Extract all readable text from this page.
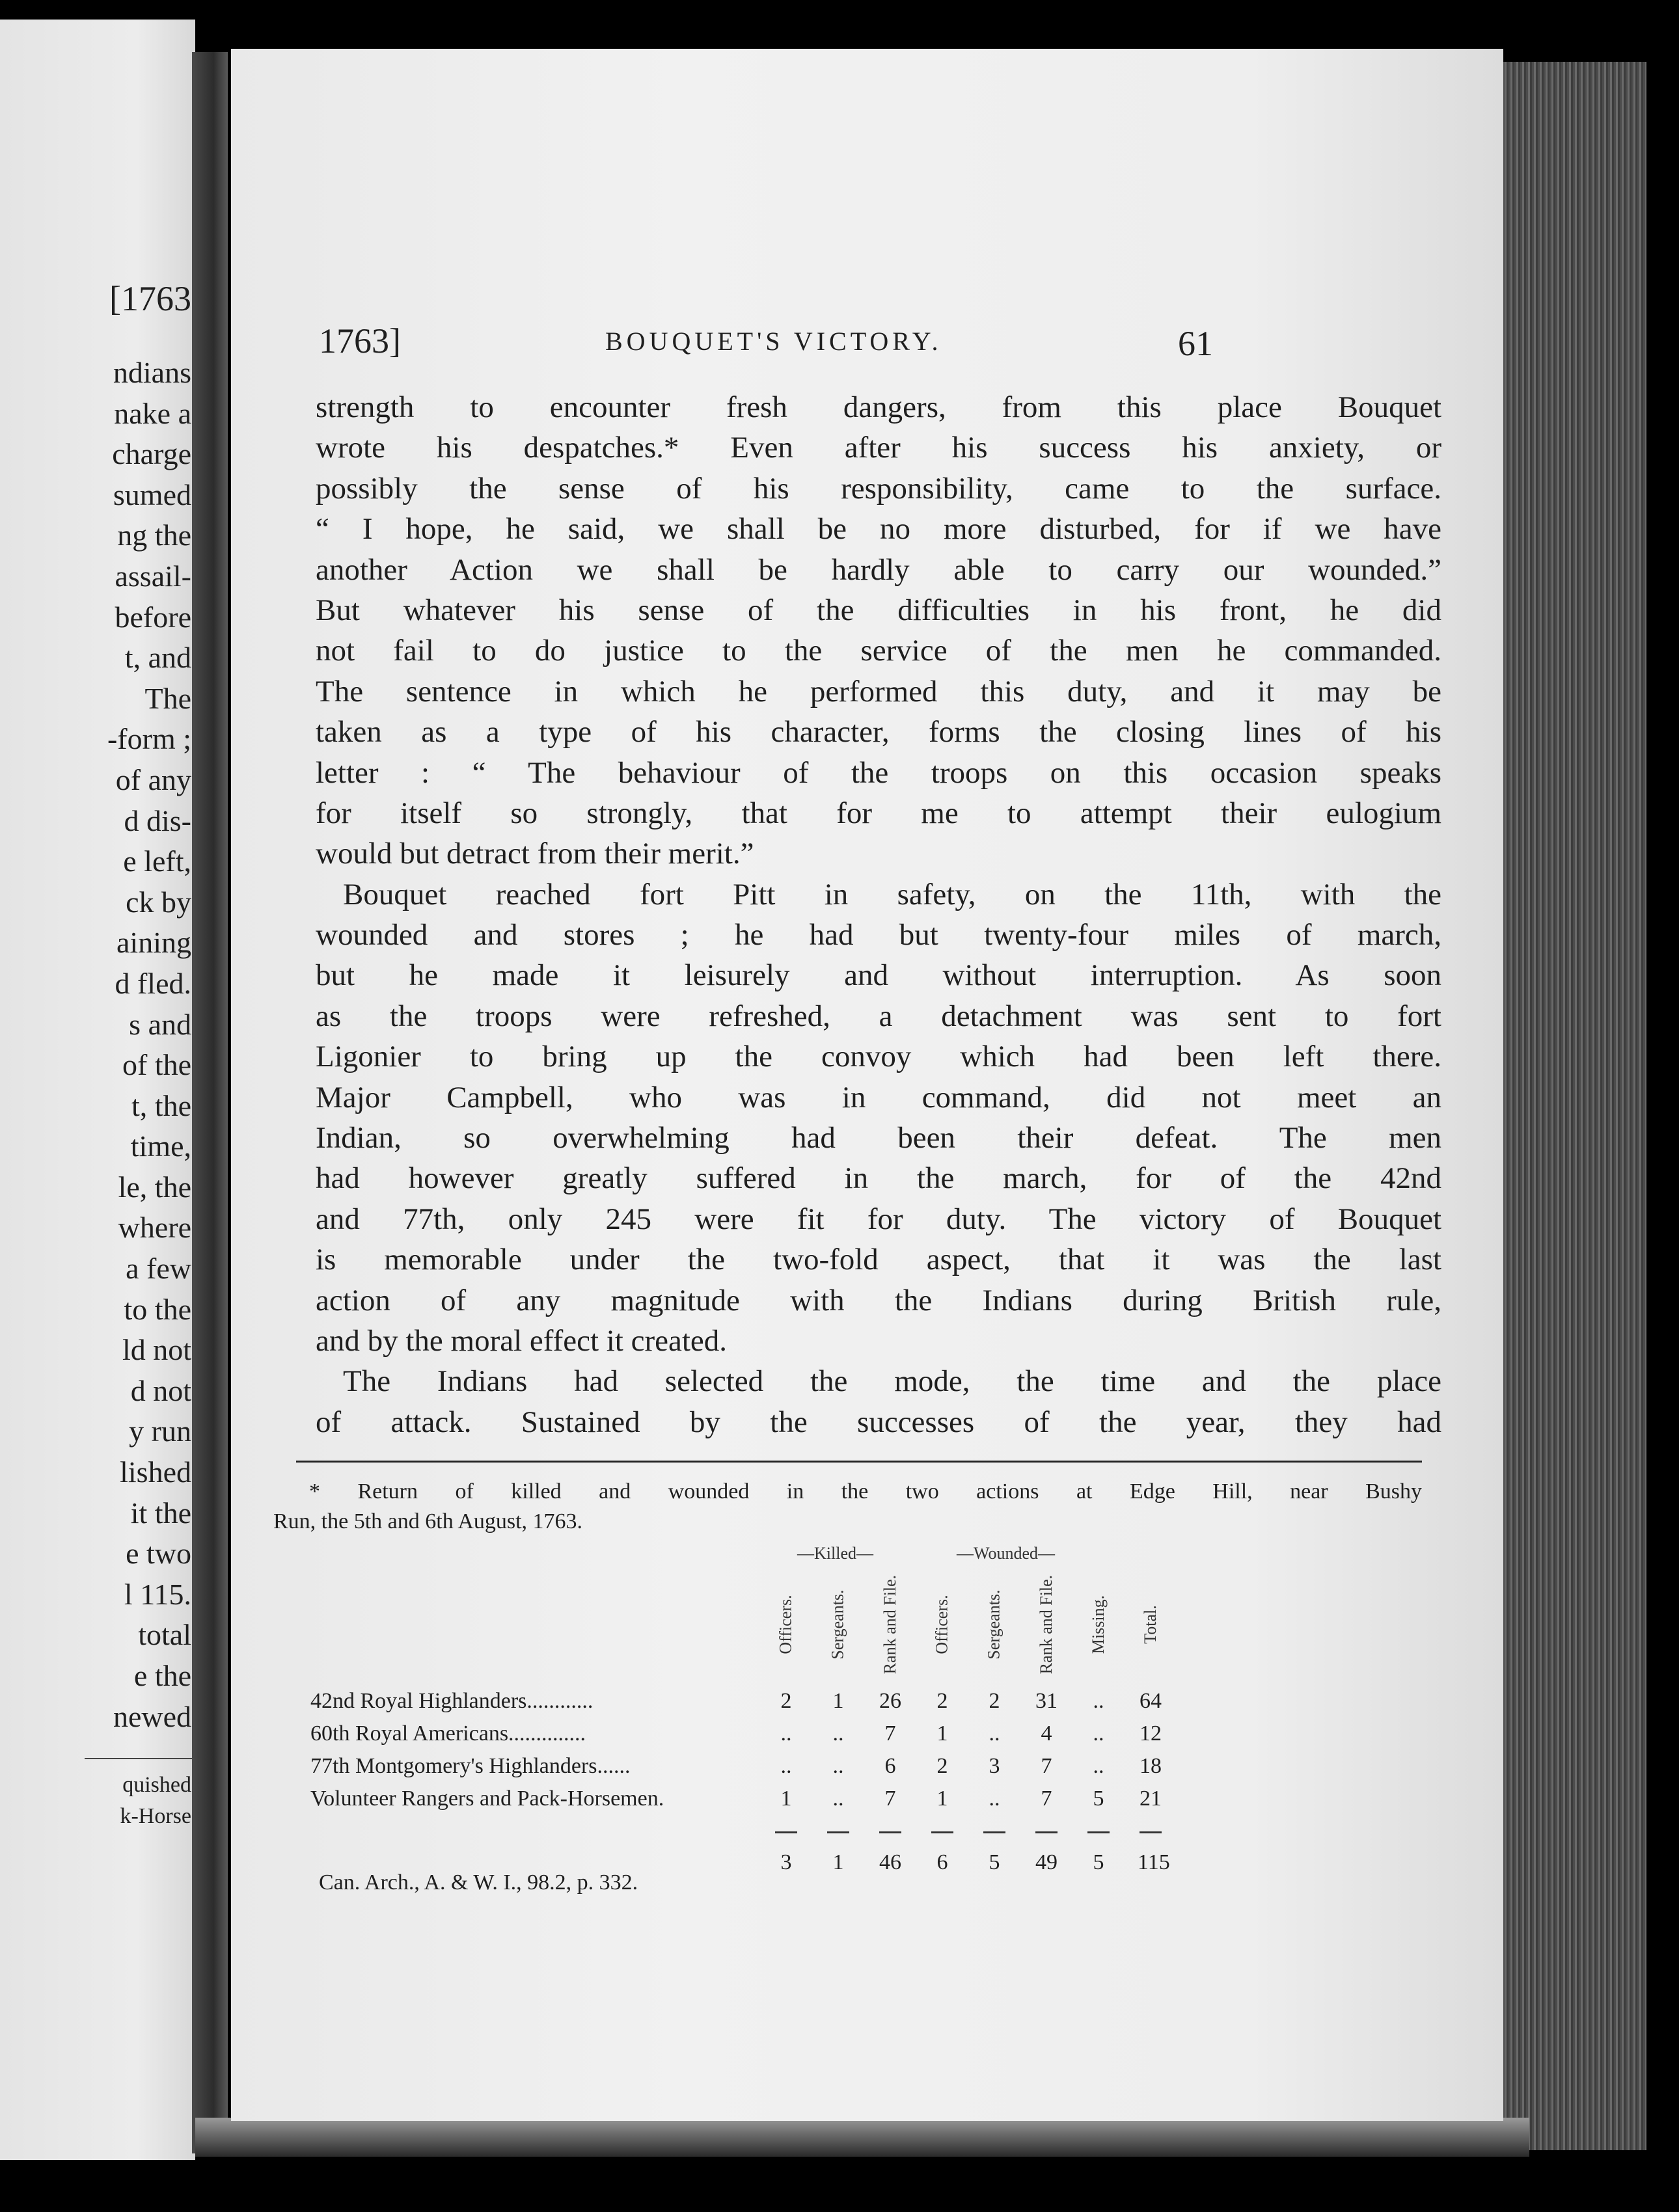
[1763
ndians
nake a
charge
sumed
ng the
assail-
before
t, and
The
-form ;
of any
d dis-
e left,
ck by
aining
d fled.
s and
of the
t, the
time,
le, the
where
a few
to the
ld not
d not
y run
lished
it the
e two
l 115.
total
e the
newed
quished
k-Horse
1763]	BOUQUET'S VICTORY.	61
strength to encounter fresh dangers, from this place Bouquet
wrote his despatches.* Even after his success his anxiety, or
possibly the sense of his responsibility, came to the surface.
“ I hope, he said, we shall be no more disturbed, for if we have
another Action we shall be hardly able to carry our wounded.”
But whatever his sense of the difficulties in his front, he did
not fail to do justice to the service of the men he commanded.
The sentence in which he performed this duty, and it may be
taken as a type of his character, forms the closing lines of his
letter : “ The behaviour of the troops on this occasion speaks
for itself so strongly, that for me to attempt their eulogium
would but detract from their merit.”
Bouquet reached fort Pitt in safety, on the 11th, with the
wounded and stores ; he had but twenty-four miles of march,
but he made it leisurely and without interruption. As soon
as the troops were refreshed, a detachment was sent to fort
Ligonier to bring up the convoy which had been left there.
Major Campbell, who was in command, did not meet an
Indian, so overwhelming had been their defeat. The men
had however greatly suffered in the march, for of the 42nd
and 77th, only 245 were fit for duty. The victory of Bouquet
is memorable under the two-fold aspect, that it was the last
action of any magnitude with the Indians during British rule,
and by the moral effect it created.
The Indians had selected the mode, the time and the place
of attack. Sustained by the successes of the year, they had
* Return of killed and wounded in the two actions at Edge Hill, near Bushy
Run, the 5th and 6th August, 1763.
—Killed—	—Wounded—
Officers. Sergeants. Rank and File. Officers. Sergeants. Rank and File. Missing. Total.
42nd Royal Highlanders............	2	1	26	2	2	31	..	64
60th Royal Americans..............	..	..	7	1	..	4	..	12
77th Montgomery's Highlanders......	..	..	6	2	3	7	..	18
Volunteer Rangers and Pack-Horsemen.	1	..	7	1	..	7	5	21
3	1	46	6	5	49	5	115
Can. Arch., A. & W. I., 98.2, p. 332.
